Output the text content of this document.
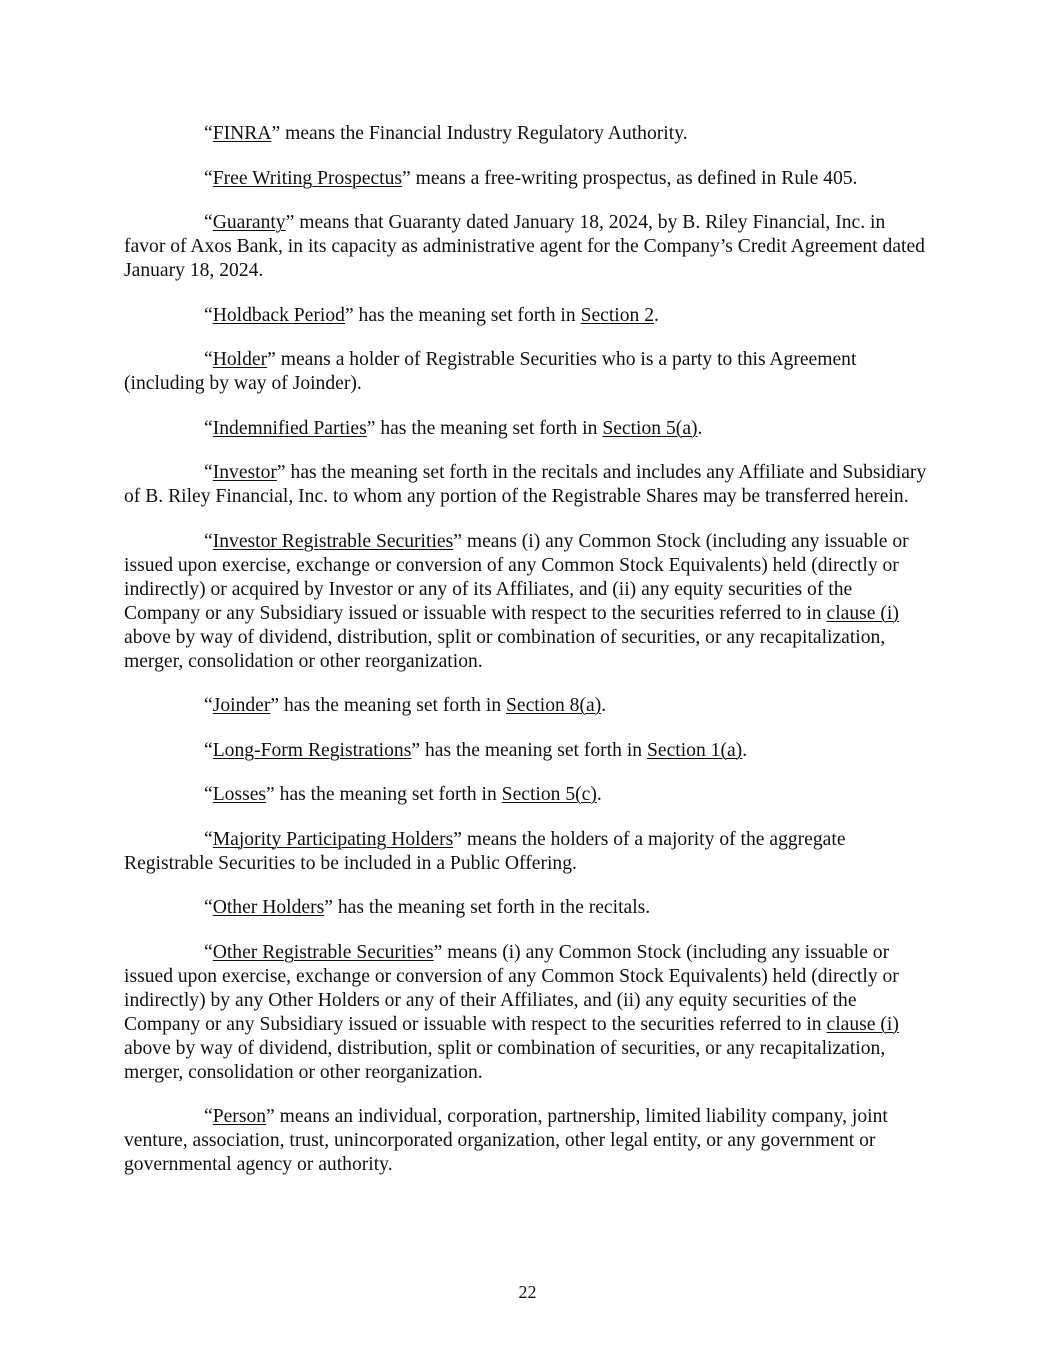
“FINRA” means the Financial Industry Regulatory Authority.

“Free Writing Prospectus” means a free-writing prospectus, as defined in Rule 405.

“Guaranty” means that Guaranty dated January 18, 2024, by B. Riley Financial, Inc. in favor of Axos Bank, in its capacity as administrative agent for the Company’s Credit Agreement dated January 18, 2024.

“Holdback Period” has the meaning set forth in Section 2.

“Holder” means a holder of Registrable Securities who is a party to this Agreement (including by way of Joinder).

“Indemnified Parties” has the meaning set forth in Section 5(a).

“Investor” has the meaning set forth in the recitals and includes any Affiliate and Subsidiary of B. Riley Financial, Inc. to whom any portion of the Registrable Shares may be transferred herein.

“Investor Registrable Securities” means (i) any Common Stock (including any issuable or issued upon exercise, exchange or conversion of any Common Stock Equivalents) held (directly or indirectly) or acquired by Investor or any of its Affiliates, and (ii) any equity securities of the Company or any Subsidiary issued or issuable with respect to the securities referred to in clause (i) above by way of dividend, distribution, split or combination of securities, or any recapitalization, merger, consolidation or other reorganization.

“Joinder” has the meaning set forth in Section 8(a).

“Long-Form Registrations” has the meaning set forth in Section 1(a).

“Losses” has the meaning set forth in Section 5(c).

“Majority Participating Holders” means the holders of a majority of the aggregate Registrable Securities to be included in a Public Offering.

“Other Holders” has the meaning set forth in the recitals.

“Other Registrable Securities” means (i) any Common Stock (including any issuable or issued upon exercise, exchange or conversion of any Common Stock Equivalents) held (directly or indirectly) by any Other Holders or any of their Affiliates, and (ii) any equity securities of the Company or any Subsidiary issued or issuable with respect to the securities referred to in clause (i) above by way of dividend, distribution, split or combination of securities, or any recapitalization, merger, consolidation or other reorganization.

“Person” means an individual, corporation, partnership, limited liability company, joint venture, association, trust, unincorporated organization, other legal entity, or any government or governmental agency or authority.

22
